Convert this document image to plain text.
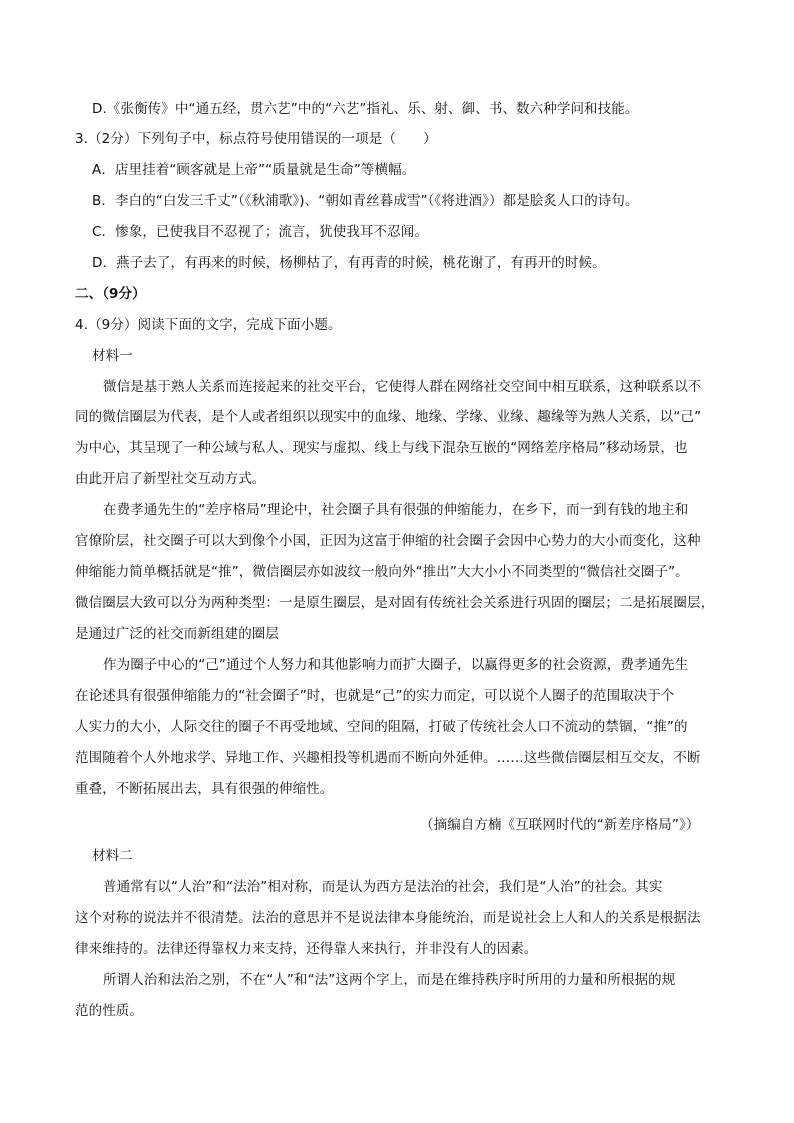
D.《张衡传》中“通五经，贯六艺”中的“六艺”指礼、乐、射、御、书、数六种学问和技能。
3.（2分）下列句子中，标点符号使用错误的一项是（　　）
A．店里挂着“顾客就是上帝”“质量就是生命”等横幅。
B．李白的“白发三千丈”（《秋浦歌》)、“朝如青丝暮成雪”（《将进酒》）都是脍炙人口的诗句。
C．惨象，已使我目不忍视了；流言，犹使我耳不忍闻。
D．燕子去了，有再来的时候，杨柳枯了，有再青的时候，桃花谢了，有再开的时候。
二、（9分）
4.（9分）阅读下面的文字，完成下面小题。
材料一
微信是基于熟人关系而连接起来的社交平台，它使得人群在网络社交空间中相互联系，这种联系以不
同的微信圈层为代表，是个人或者组织以现实中的血缘、地缘、学缘、业缘、趣缘等为熟人关系，以“己”
为中心，其呈现了一种公域与私人、现实与虚拟、线上与线下混杂互嵌的“网络差序格局”移动场景，也
由此开启了新型社交互动方式。
在费孝通先生的“差序格局”理论中，社会圈子具有很强的伸缩能力，在乡下，而一到有钱的地主和
官僚阶层，社交圈子可以大到像个小国，正因为这富于伸缩的社会圈子会因中心势力的大小而变化，这种
伸缩能力简单概括就是“推”，微信圈层亦如波纹一般向外“推出”大大小小不同类型的“微信社交圈子”。
微信圈层大致可以分为两种类型：一是原生圈层，是对固有传统社会关系进行巩固的圈层；二是拓展圈层，
是通过广泛的社交而新组建的圈层
作为圈子中心的“己”通过个人努力和其他影响力而扩大圈子，以赢得更多的社会资源，费孝通先生
在论述具有很强伸缩能力的“社会圈子”时，也就是“己”的实力而定，可以说个人圈子的范围取决于个
人实力的大小，人际交往的圈子不再受地域、空间的阻隔，打破了传统社会人口不流动的禁锢，“推”的
范围随着个人外地求学、异地工作、兴趣相投等机遇而不断向外延伸。……这些微信圈层相互交友，不断
重叠，不断拓展出去，具有很强的伸缩性。
（摘编自方楠《互联网时代的“新差序格局”》）
材料二
普通常有以“人治”和“法治”相对称，而是认为西方是法治的社会，我们是“人治”的社会。其实
这个对称的说法并不很清楚。法治的意思并不是说法律本身能统治，而是说社会上人和人的关系是根据法
律来维持的。法律还得靠权力来支持，还得靠人来执行，并非没有人的因素。
所谓人治和法治之别，不在“人”和“法”这两个字上，而是在维持秩序时所用的力量和所根据的规
范的性质。
